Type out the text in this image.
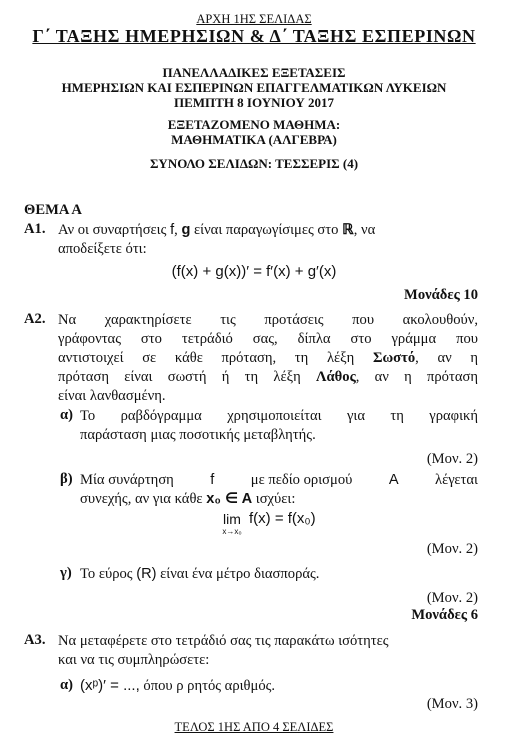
ΑΡΧΗ 1ΗΣ ΣΕΛΙΔΑΣ
Γ΄ ΤΑΞΗΣ ΗΜΕΡΗΣΙΩΝ & Δ΄ ΤΑΞΗΣ ΕΣΠΕΡΙΝΩΝ
ΠΑΝΕΛΛΑΔΙΚΕΣ ΕΞΕΤΑΣΕΙΣ
ΗΜΕΡΗΣΙΩΝ ΚΑΙ ΕΣΠΕΡΙΝΩΝ ΕΠΑΓΓΕΛΜΑΤΙΚΩΝ ΛΥΚΕΙΩΝ
ΠΕΜΠΤΗ 8 ΙΟΥΝΙΟΥ 2017
ΕΞΕΤΑΖΟΜΕΝΟ ΜΑΘΗΜΑ:
ΜΑΘΗΜΑΤΙΚΑ (ΑΛΓΕΒΡΑ)
ΣΥΝΟΛΟ ΣΕΛΙΔΩΝ: ΤΕΣΣΕΡΙΣ (4)
ΘΕΜΑ Α
Α1. Αν οι συναρτήσεις f, g είναι παραγωγίσιμες στο ℝ, να
αποδείξετε ότι:
(f(x) + g(x))′ = f′(x) + g′(x)
Μονάδες 10
Α2. Να χαρακτηρίσετε τις προτάσεις που ακολουθούν,
γράφοντας στο τετράδιό σας, δίπλα στο γράμμα που
αντιστοιχεί σε κάθε πρόταση, τη λέξη Σωστό, αν η
πρόταση είναι σωστή ή τη λέξη Λάθος, αν η πρόταση
είναι λανθασμένη.
α) Το ραβδόγραμμα χρησιμοποιείται για τη γραφική
παράσταση μιας ποσοτικής μεταβλητής.
(Μον. 2)
β) Μία συνάρτηση f με πεδίο ορισμού A λέγεται
συνεχής, αν για κάθε x₀ ∈ A ισχύει:
lim
x→x₀
f(x) = f(x₀)
(Μον. 2)
γ) Το εύρος (R) είναι ένα μέτρο διασποράς.
(Μον. 2)
Μονάδες 6
Α3. Να μεταφέρετε στο τετράδιό σας τις παρακάτω ισότητες
και να τις συμπληρώσετε:
α) (xᵖ)′ = ..., όπου ρ ρητός αριθμός.
(Μον. 3)
ΤΕΛΟΣ 1ΗΣ ΑΠΟ 4 ΣΕΛΙΔΕΣ
